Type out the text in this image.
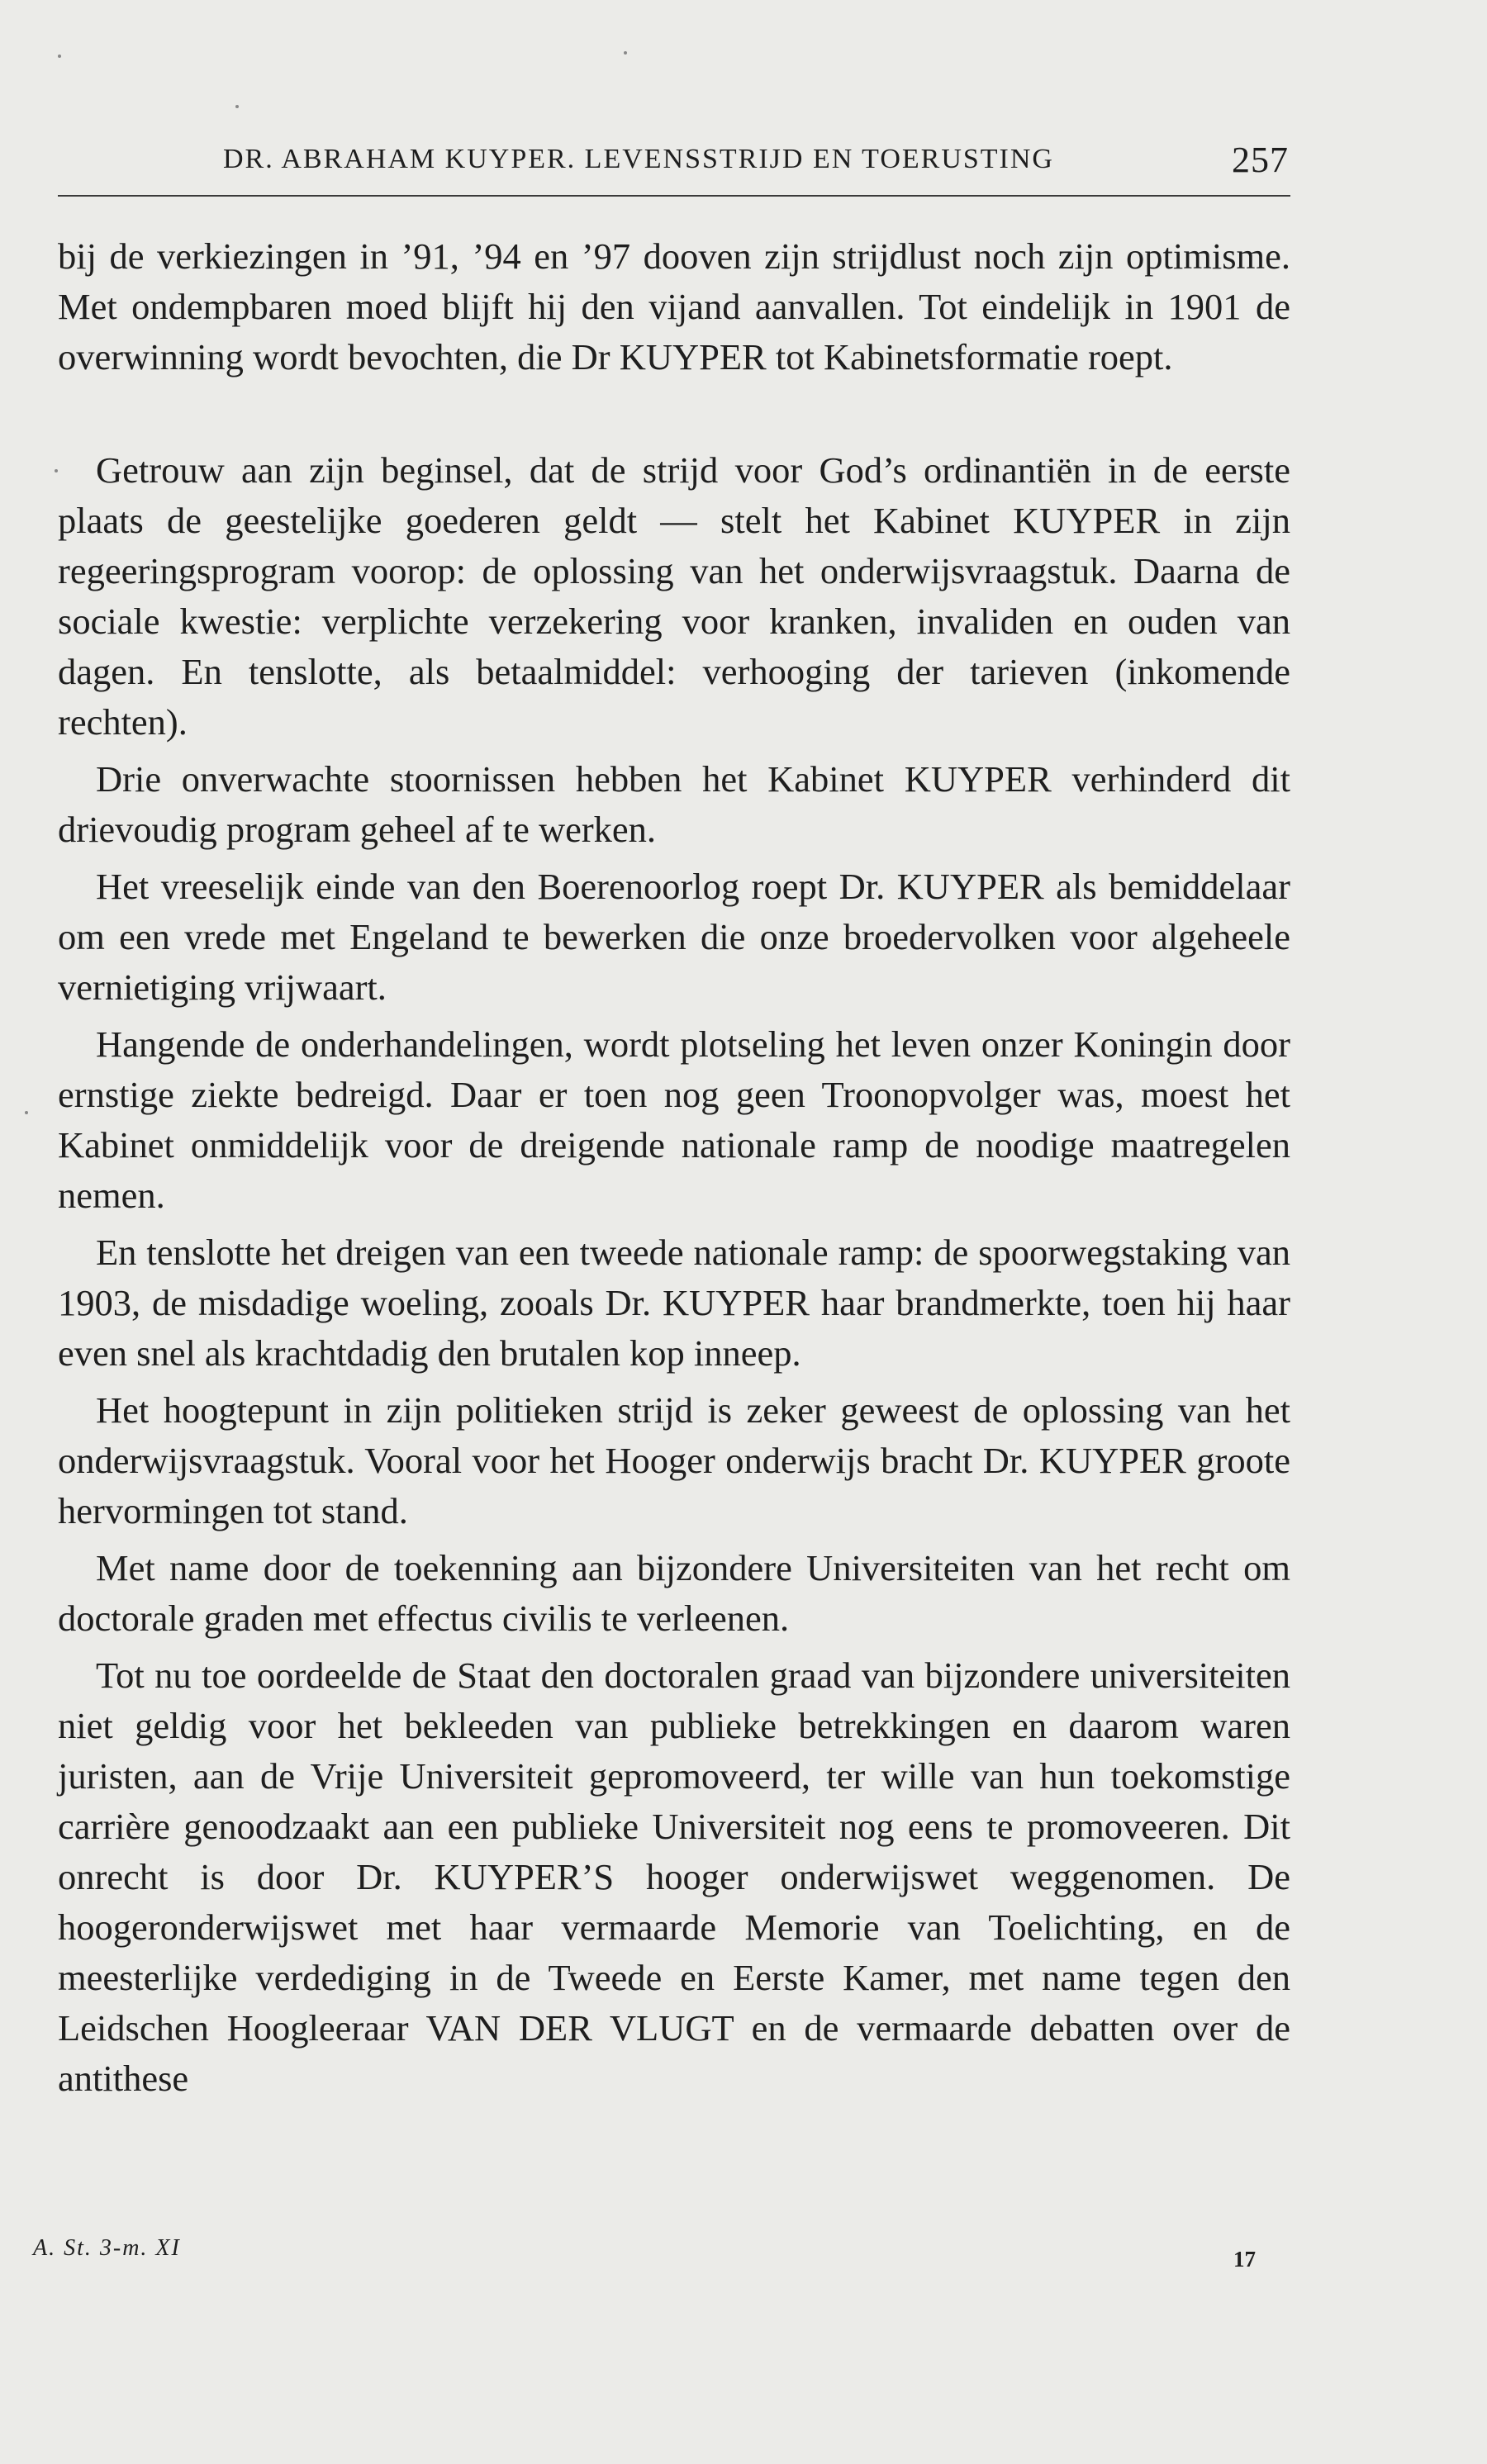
DR. ABRAHAM KUYPER. LEVENSSTRIJD EN TOERUSTING	257

bij de verkiezingen in ’91, ’94 en ’97 dooven zijn strijdlust noch zijn optimisme. Met ondempbaren moed blijft hij den vijand aanvallen. Tot eindelijk in 1901 de overwinning wordt bevochten, die Dr KUYPER tot Kabinetsformatie roept.

Getrouw aan zijn beginsel, dat de strijd voor God’s ordinantiën in de eerste plaats de geestelijke goederen geldt — stelt het Kabinet KUYPER in zijn regeeringsprogram voorop: de oplossing van het onderwijsvraagstuk. Daarna de sociale kwestie: verplichte verzekering voor kranken, invaliden en ouden van dagen. En tenslotte, als betaalmiddel: verhooging der tarieven (inkomende rechten).

Drie onverwachte stoornissen hebben het Kabinet KUYPER verhinderd dit drievoudig program geheel af te werken.

Het vreeselijk einde van den Boerenoorlog roept Dr. KUYPER als bemiddelaar om een vrede met Engeland te bewerken die onze broedervolken voor algeheele vernietiging vrijwaart.

Hangende de onderhandelingen, wordt plotseling het leven onzer Koningin door ernstige ziekte bedreigd. Daar er toen nog geen Troonopvolger was, moest het Kabinet onmiddelijk voor de dreigende nationale ramp de noodige maatregelen nemen.

En tenslotte het dreigen van een tweede nationale ramp: de spoorwegstaking van 1903, de misdadige woeling, zooals Dr. KUYPER haar brandmerkte, toen hij haar even snel als krachtdadig den brutalen kop inneep.

Het hoogtepunt in zijn politieken strijd is zeker geweest de oplossing van het onderwijsvraagstuk. Vooral voor het Hooger onderwijs bracht Dr. KUYPER groote hervormingen tot stand.

Met name door de toekenning aan bijzondere Universiteiten van het recht om doctorale graden met effectus civilis te verleenen.

Tot nu toe oordeelde de Staat den doctoralen graad van bijzondere universiteiten niet geldig voor het bekleeden van publieke betrekkingen en daarom waren juristen, aan de Vrije Universiteit gepromoveerd, ter wille van hun toekomstige carrière genoodzaakt aan een publieke Universiteit nog eens te promoveeren. Dit onrecht is door Dr. KUYPER’S hooger onderwijswet weggenomen. De hoogeronderwijswet met haar vermaarde Memorie van Toelichting, en de meesterlijke verdediging in de Tweede en Eerste Kamer, met name tegen den Leidschen Hoogleeraar VAN DER VLUGT en de vermaarde debatten over de antithese

A. St. 3-m. XI	17
